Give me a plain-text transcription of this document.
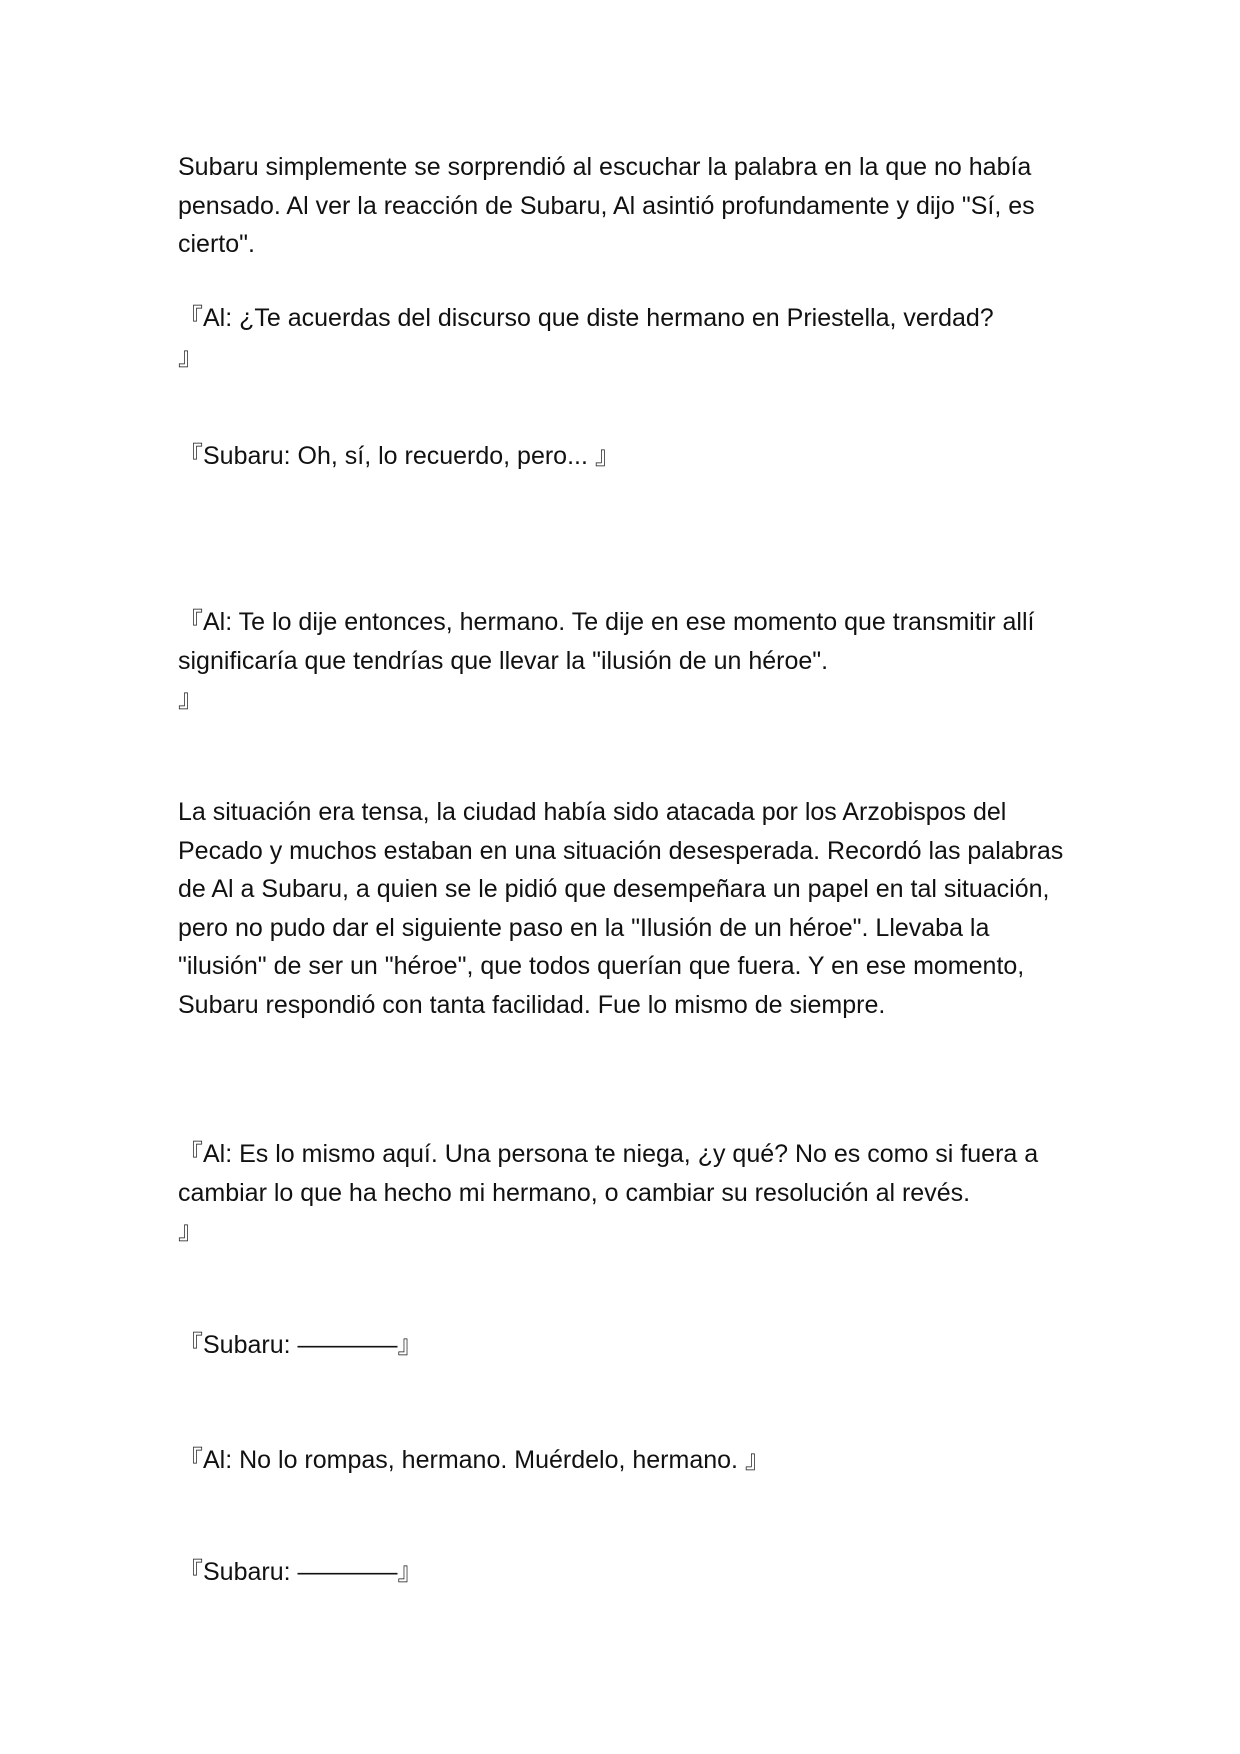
Subaru simplemente se sorprendió al escuchar la palabra en la que no había pensado. Al ver la reacción de Subaru, Al asintió profundamente y dijo "Sí, es cierto".

『Al: ¿Te acuerdas del discurso que diste hermano en Priestella, verdad?
』

『Subaru: Oh, sí, lo recuerdo, pero... 』

『Al: Te lo dije entonces, hermano. Te dije en ese momento que transmitir allí significaría que tendrías que llevar la "ilusión de un héroe".
』

La situación era tensa, la ciudad había sido atacada por los Arzobispos del Pecado y muchos estaban en una situación desesperada. Recordó las palabras de Al a Subaru, a quien se le pidió que desempeñara un papel en tal situación, pero no pudo dar el siguiente paso en la "Ilusión de un héroe". Llevaba la "ilusión" de ser un "héroe", que todos querían que fuera. Y en ese momento, Subaru respondió con tanta facilidad. Fue lo mismo de siempre.

『Al: Es lo mismo aquí. Una persona te niega, ¿y qué? No es como si fuera a cambiar lo que ha hecho mi hermano, o cambiar su resolución al revés.
』

『Subaru: ————』

『Al: No lo rompas, hermano. Muérdelo, hermano. 』

『Subaru: ————』
